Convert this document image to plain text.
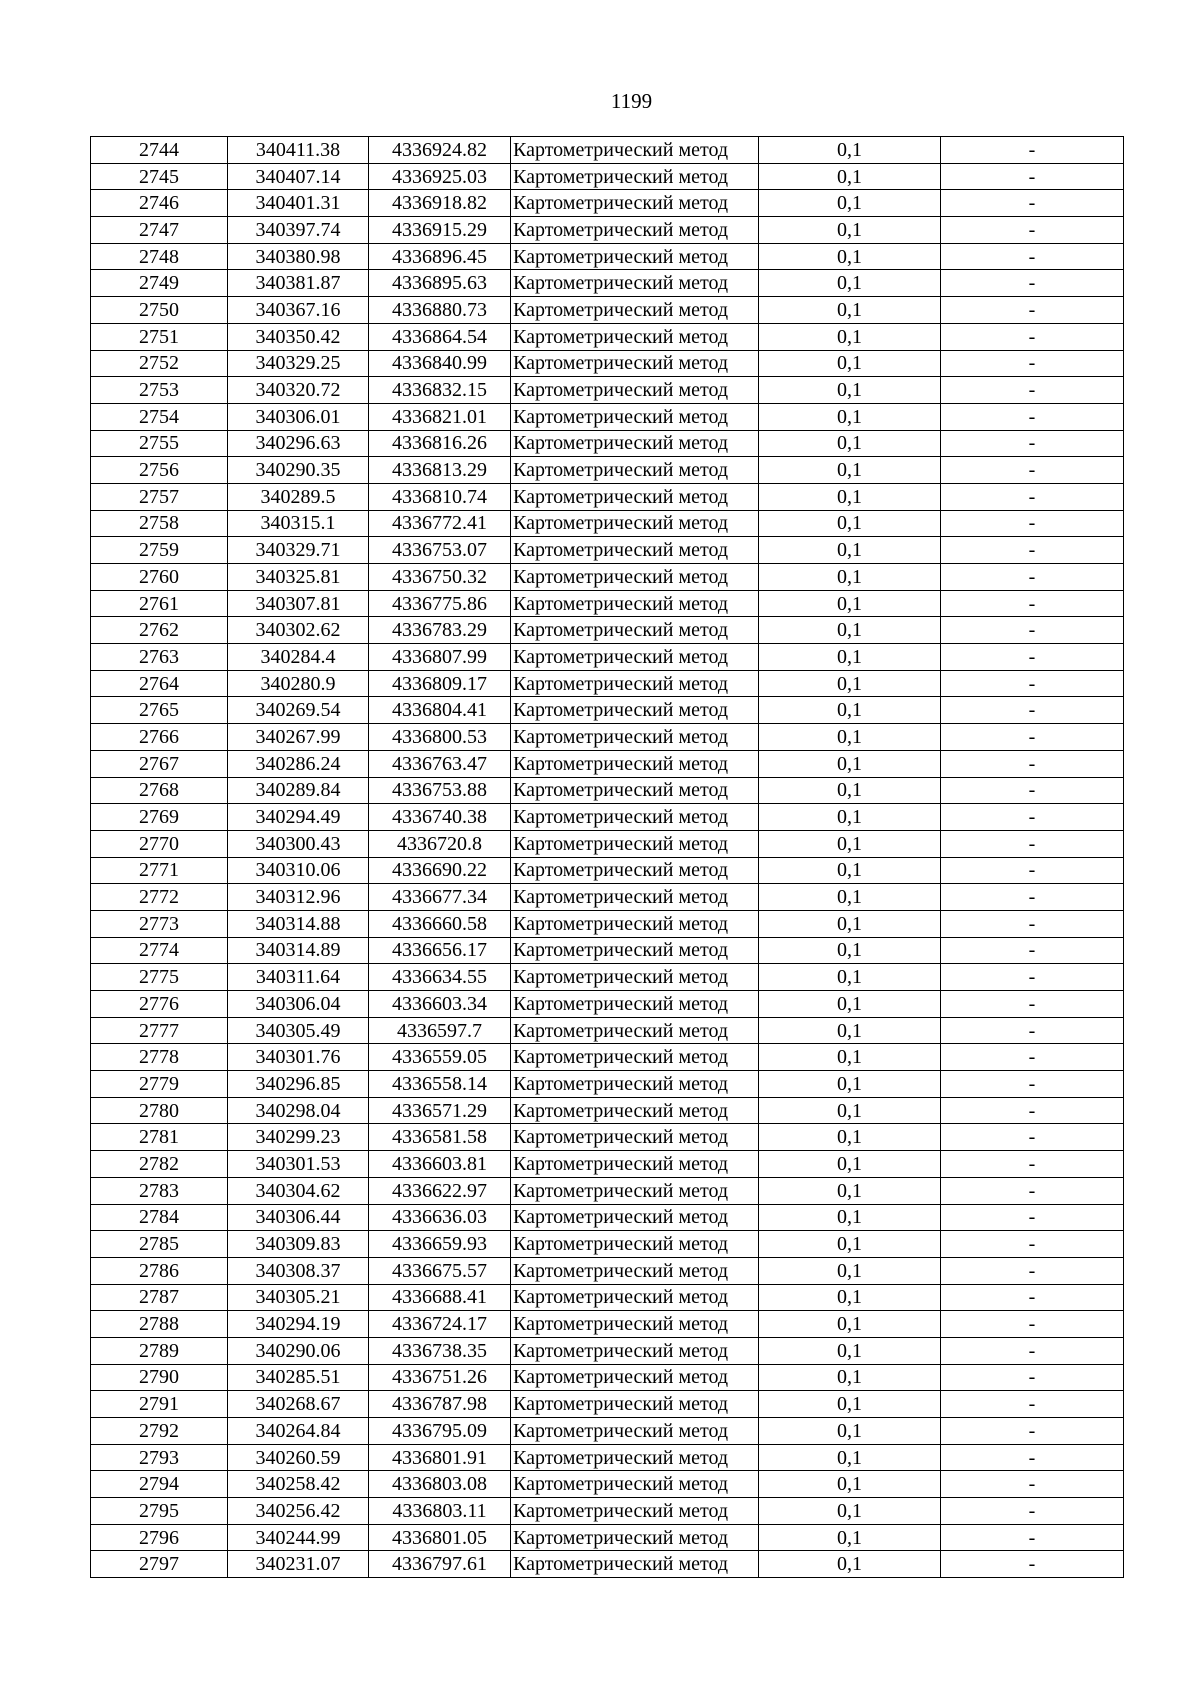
1199
2744	340411.38	4336924.82	Картометрический метод	0,1	-
2745	340407.14	4336925.03	Картометрический метод	0,1	-
2746	340401.31	4336918.82	Картометрический метод	0,1	-
2747	340397.74	4336915.29	Картометрический метод	0,1	-
2748	340380.98	4336896.45	Картометрический метод	0,1	-
2749	340381.87	4336895.63	Картометрический метод	0,1	-
2750	340367.16	4336880.73	Картометрический метод	0,1	-
2751	340350.42	4336864.54	Картометрический метод	0,1	-
2752	340329.25	4336840.99	Картометрический метод	0,1	-
2753	340320.72	4336832.15	Картометрический метод	0,1	-
2754	340306.01	4336821.01	Картометрический метод	0,1	-
2755	340296.63	4336816.26	Картометрический метод	0,1	-
2756	340290.35	4336813.29	Картометрический метод	0,1	-
2757	340289.5	4336810.74	Картометрический метод	0,1	-
2758	340315.1	4336772.41	Картометрический метод	0,1	-
2759	340329.71	4336753.07	Картометрический метод	0,1	-
2760	340325.81	4336750.32	Картометрический метод	0,1	-
2761	340307.81	4336775.86	Картометрический метод	0,1	-
2762	340302.62	4336783.29	Картометрический метод	0,1	-
2763	340284.4	4336807.99	Картометрический метод	0,1	-
2764	340280.9	4336809.17	Картометрический метод	0,1	-
2765	340269.54	4336804.41	Картометрический метод	0,1	-
2766	340267.99	4336800.53	Картометрический метод	0,1	-
2767	340286.24	4336763.47	Картометрический метод	0,1	-
2768	340289.84	4336753.88	Картометрический метод	0,1	-
2769	340294.49	4336740.38	Картометрический метод	0,1	-
2770	340300.43	4336720.8	Картометрический метод	0,1	-
2771	340310.06	4336690.22	Картометрический метод	0,1	-
2772	340312.96	4336677.34	Картометрический метод	0,1	-
2773	340314.88	4336660.58	Картометрический метод	0,1	-
2774	340314.89	4336656.17	Картометрический метод	0,1	-
2775	340311.64	4336634.55	Картометрический метод	0,1	-
2776	340306.04	4336603.34	Картометрический метод	0,1	-
2777	340305.49	4336597.7	Картометрический метод	0,1	-
2778	340301.76	4336559.05	Картометрический метод	0,1	-
2779	340296.85	4336558.14	Картометрический метод	0,1	-
2780	340298.04	4336571.29	Картометрический метод	0,1	-
2781	340299.23	4336581.58	Картометрический метод	0,1	-
2782	340301.53	4336603.81	Картометрический метод	0,1	-
2783	340304.62	4336622.97	Картометрический метод	0,1	-
2784	340306.44	4336636.03	Картометрический метод	0,1	-
2785	340309.83	4336659.93	Картометрический метод	0,1	-
2786	340308.37	4336675.57	Картометрический метод	0,1	-
2787	340305.21	4336688.41	Картометрический метод	0,1	-
2788	340294.19	4336724.17	Картометрический метод	0,1	-
2789	340290.06	4336738.35	Картометрический метод	0,1	-
2790	340285.51	4336751.26	Картометрический метод	0,1	-
2791	340268.67	4336787.98	Картометрический метод	0,1	-
2792	340264.84	4336795.09	Картометрический метод	0,1	-
2793	340260.59	4336801.91	Картометрический метод	0,1	-
2794	340258.42	4336803.08	Картометрический метод	0,1	-
2795	340256.42	4336803.11	Картометрический метод	0,1	-
2796	340244.99	4336801.05	Картометрический метод	0,1	-
2797	340231.07	4336797.61	Картометрический метод	0,1	-
